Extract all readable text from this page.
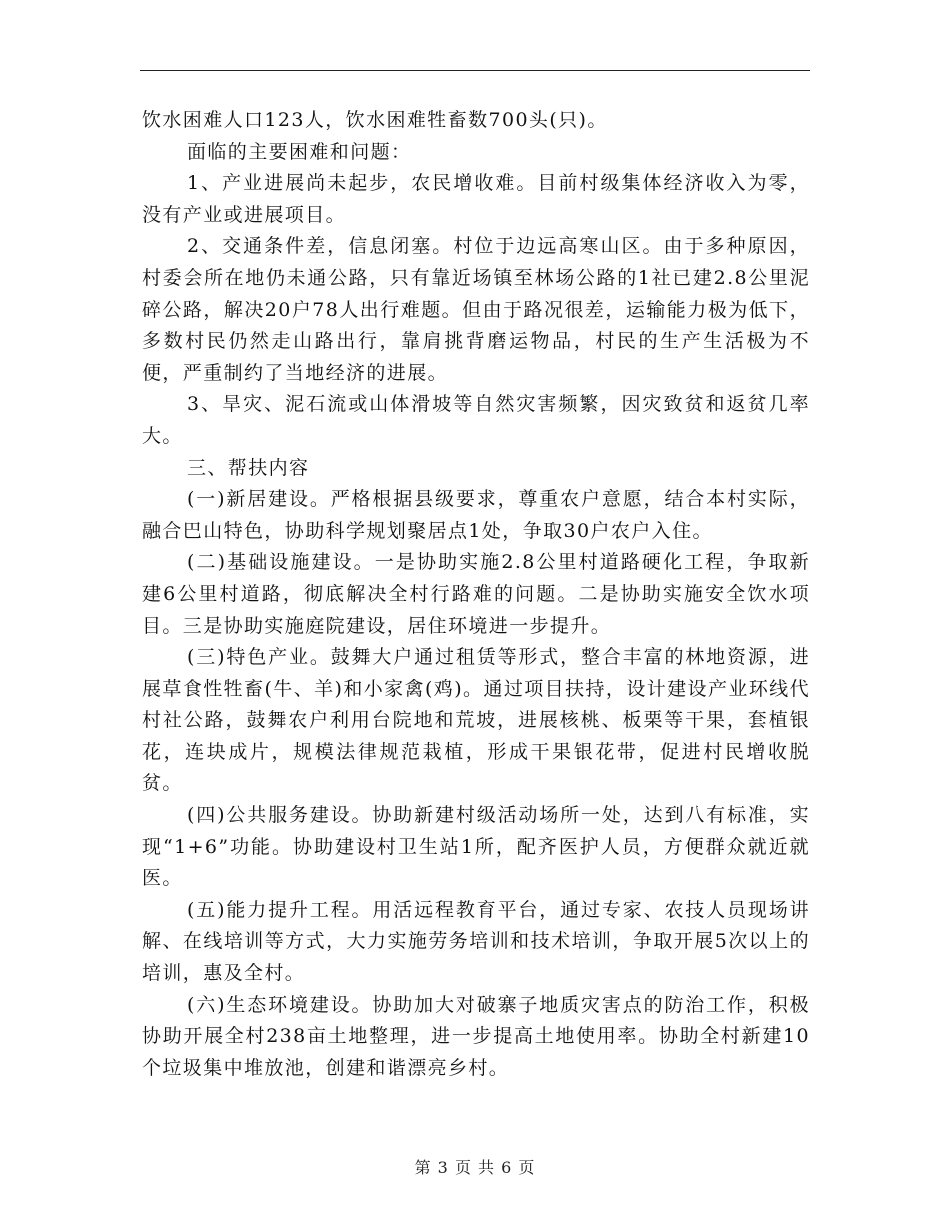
饮水困难人口123人，饮水困难牲畜数700头(只)。

面临的主要困难和问题：

1、产业进展尚未起步，农民增收难。目前村级集体经济收入为零，没有产业或进展项目。

2、交通条件差，信息闭塞。村位于边远高寒山区。由于多种原因，村委会所在地仍未通公路，只有靠近场镇至林场公路的1社已建2.8公里泥碎公路，解决20户78人出行难题。但由于路况很差，运输能力极为低下，多数村民仍然走山路出行，靠肩挑背磨运物品，村民的生产生活极为不便，严重制约了当地经济的进展。

3、旱灾、泥石流或山体滑坡等自然灾害频繁，因灾致贫和返贫几率大。

三、帮扶内容

(一)新居建设。严格根据县级要求，尊重农户意愿，结合本村实际，融合巴山特色，协助科学规划聚居点1处，争取30户农户入住。

(二)基础设施建设。一是协助实施2.8公里村道路硬化工程，争取新建6公里村道路，彻底解决全村行路难的问题。二是协助实施安全饮水项目。三是协助实施庭院建设，居住环境进一步提升。

(三)特色产业。鼓舞大户通过租赁等形式，整合丰富的林地资源，进展草食性牲畜(牛、羊)和小家禽(鸡)。通过项目扶持，设计建设产业环线代村社公路，鼓舞农户利用台院地和荒坡，进展核桃、板栗等干果，套植银花，连块成片，规模法律规范栽植，形成干果银花带，促进村民增收脱贫。

(四)公共服务建设。协助新建村级活动场所一处，达到八有标准，实现“1+6”功能。协助建设村卫生站1所，配齐医护人员，方便群众就近就医。

(五)能力提升工程。用活远程教育平台，通过专家、农技人员现场讲解、在线培训等方式，大力实施劳务培训和技术培训，争取开展5次以上的培训，惠及全村。

(六)生态环境建设。协助加大对破寨子地质灾害点的防治工作，积极协助开展全村238亩土地整理，进一步提高土地使用率。协助全村新建10个垃圾集中堆放池，创建和谐漂亮乡村。

第 3 页 共 6 页
